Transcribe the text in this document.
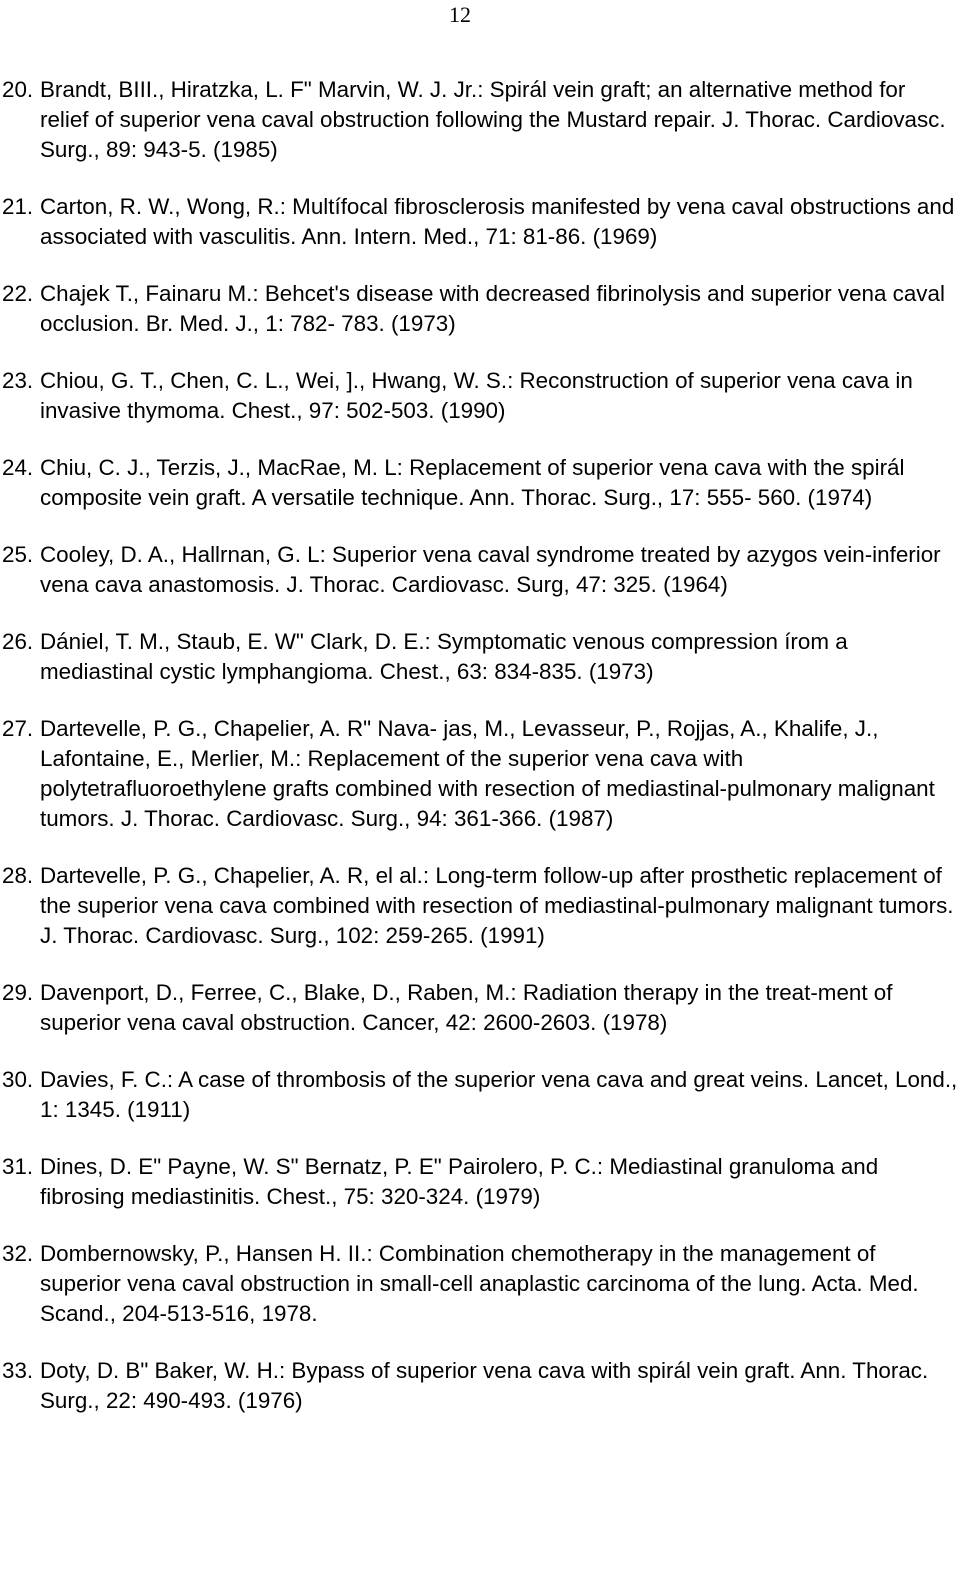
12
20. Brandt, BIII., Hiratzka, L. F" Marvin, W. J. Jr.: Spirál vein graft; an alternative method for relief of superior vena caval obstruction following the Mustard repair. J. Thorac. Cardiovasc. Surg., 89: 943-5. (1985)
21. Carton, R. W., Wong, R.: Multífocal fibrosclerosis manifested by vena caval obstructions and associated with vasculitis. Ann. Intern. Med., 71: 81-86. (1969)
22. Chajek T., Fainaru M.: Behcet's disease with decreased fibrinolysis and superior vena caval occlusion. Br. Med. J., 1: 782- 783. (1973)
23. Chiou, G. T., Chen, C. L., Wei, ]., Hwang, W. S.: Reconstruction of superior vena cava in invasive thymoma. Chest., 97: 502-503. (1990)
24. Chiu, C. J., Terzis, J., MacRae, M. L: Replacement of superior vena cava with the spirál composite vein graft. A versatile technique. Ann. Thorac. Surg., 17: 555- 560. (1974)
25. Cooley, D. A., Hallrnan, G. L: Superior vena caval syndrome treated by azygos vein-inferior vena cava anastomosis. J. Thorac. Cardiovasc. Surg, 47: 325. (1964)
26. Dániel, T. M., Staub, E. W" Clark, D. E.: Symptomatic venous compression írom a mediastinal cystic lymphangioma. Chest., 63: 834-835. (1973)
27. Dartevelle, P. G., Chapelier, A. R" Nava- jas, M., Levasseur, P., Rojjas, A., Khalife, J., Lafontaine, E., Merlier, M.: Replacement of the superior vena cava with polytetrafluoroethylene grafts combined with resection of mediastinal-pulmonary malignant tumors. J. Thorac. Cardiovasc. Surg., 94: 361-366. (1987)
28. Dartevelle, P. G., Chapelier, A. R, el al.: Long-term follow-up after prosthetic replacement of the superior vena cava combined with resection of mediastinal-pulmonary malignant tumors. J. Thorac. Cardiovasc. Surg., 102: 259-265. (1991)
29. Davenport, D., Ferree, C., Blake, D., Raben, M.: Radiation therapy in the treat-ment of superior vena caval obstruction. Cancer, 42: 2600-2603. (1978)
30. Davies, F. C.: A case of thrombosis of the superior vena cava and great veins. Lancet, Lond., 1: 1345. (1911)
31. Dines, D. E" Payne, W. S" Bernatz, P. E" Pairolero, P. C.: Mediastinal granuloma and fibrosing mediastinitis. Chest., 75: 320-324. (1979)
32. Dombernowsky, P., Hansen H. II.: Combination chemotherapy in the management of superior vena caval obstruction in small-cell anaplastic carcinoma of the lung. Acta. Med. Scand., 204-513-516, 1978.
33. Doty, D. B" Baker, W. H.: Bypass of superior vena cava with spirál vein graft. Ann. Thorac. Surg., 22: 490-493. (1976)
